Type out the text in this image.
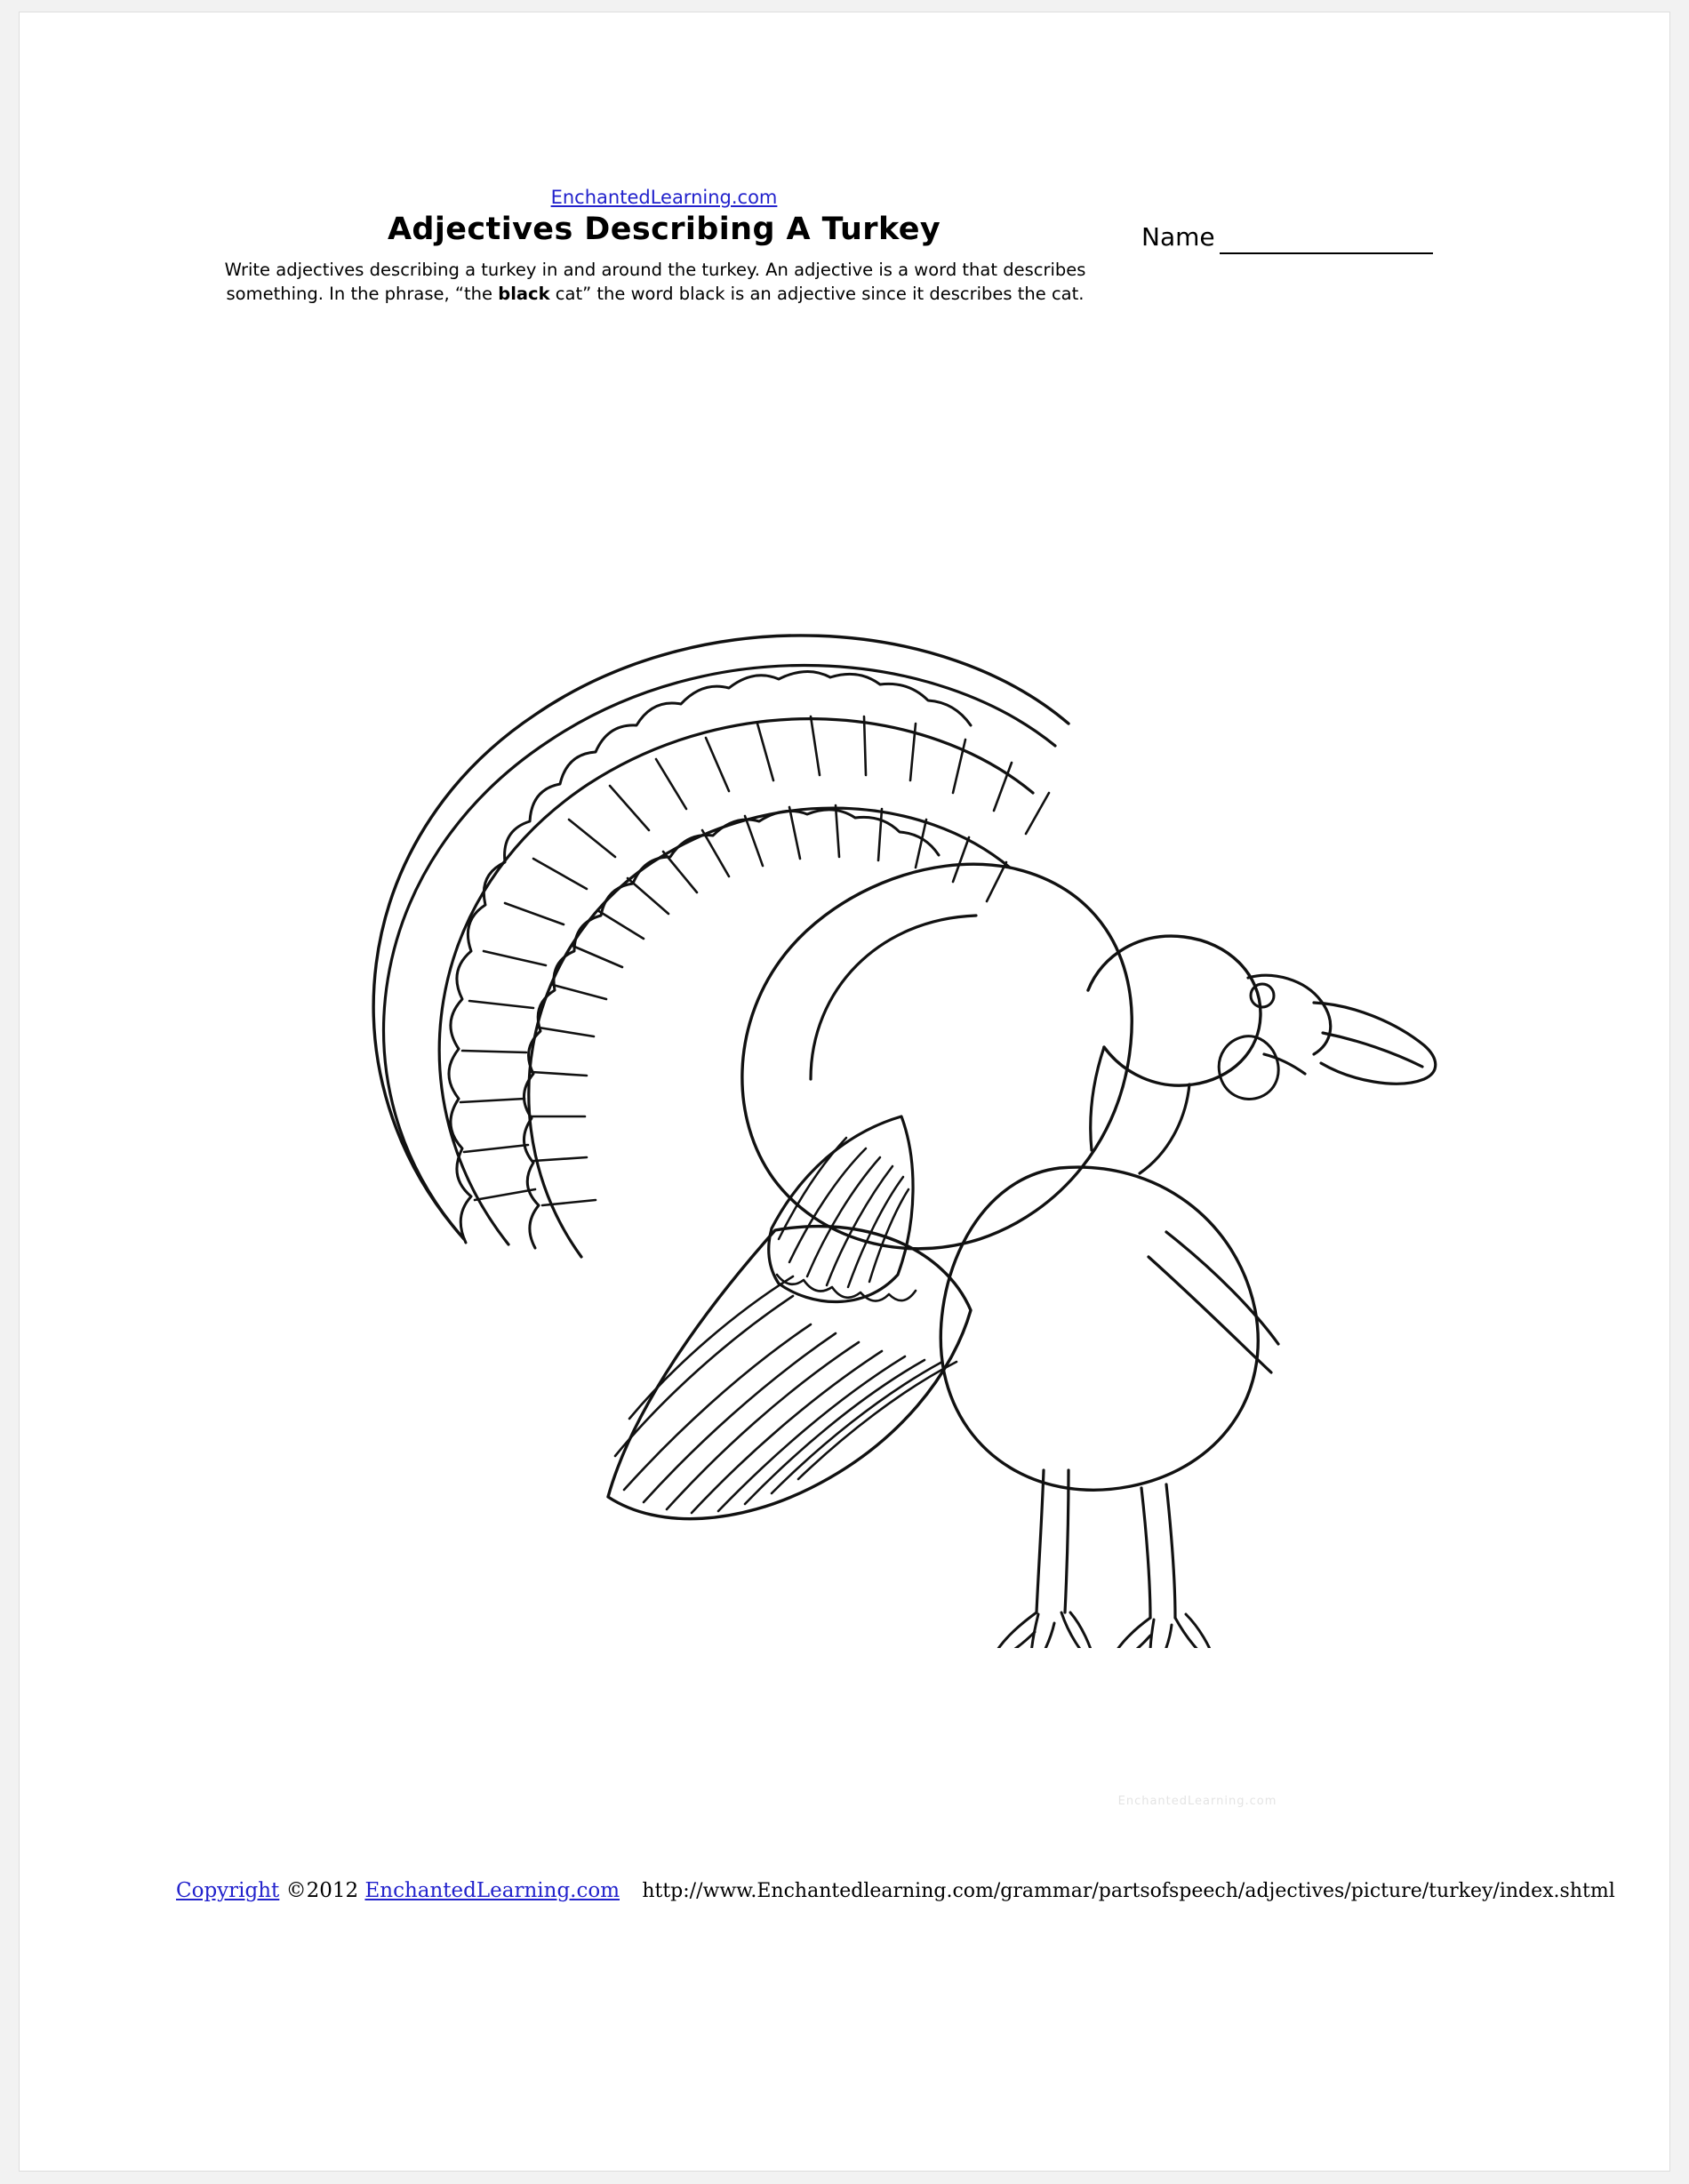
EnchantedLearning.com
Adjectives Describing A Turkey
Write adjectives describing a turkey in and around the turkey. An adjective is a word that describes something. In the phrase, “the black cat” the word black is an adjective since it describes the cat.
Name
EnchantedLearning.com
Copyright ©2012 EnchantedLearning.com http://www.Enchantedlearning.com/grammar/partsofspeech/adjectives/picture/turkey/index.shtml
